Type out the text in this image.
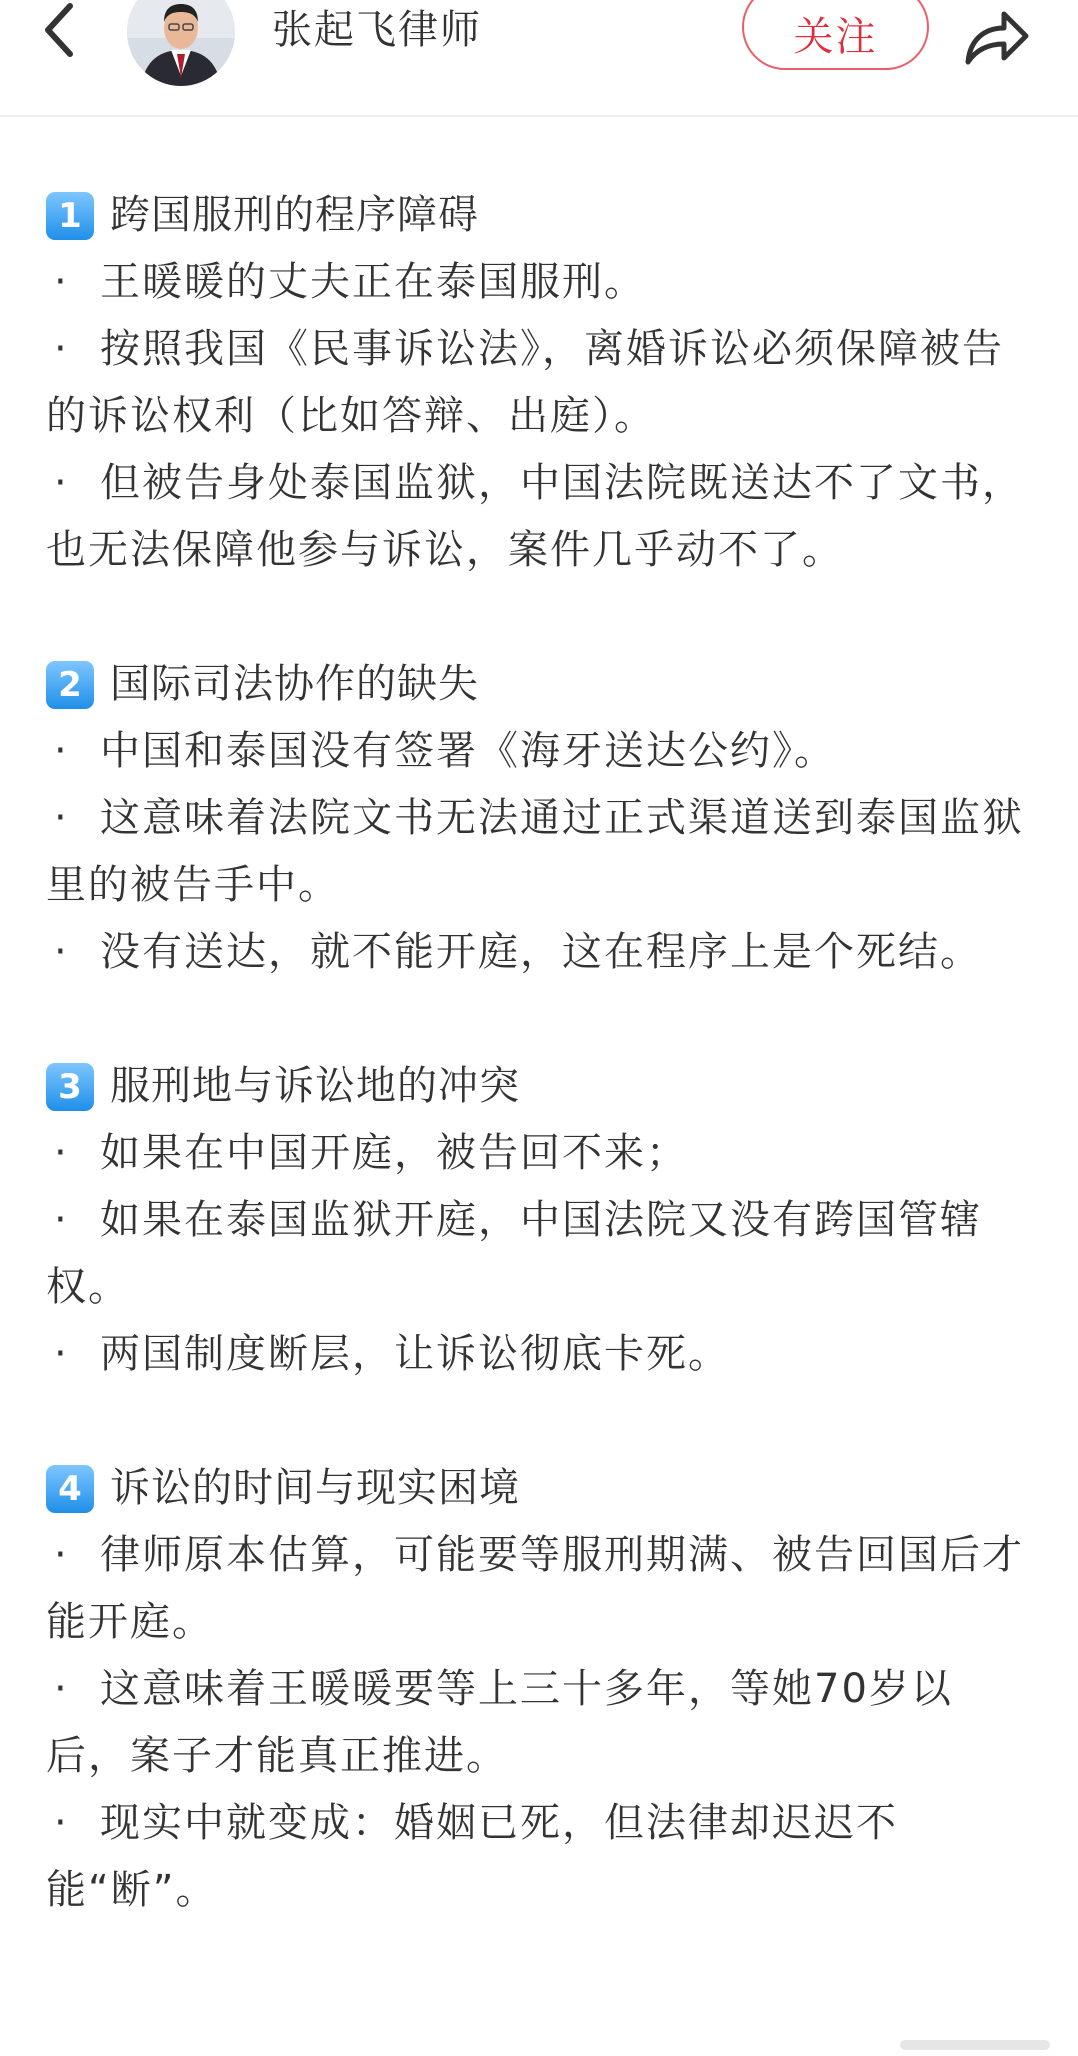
张起飞律师	关注
1 跨国服刑的程序障碍

· 王暖暖的丈夫正在泰国服刑。

· 按照我国《民事诉讼法》，离婚诉讼必须保障被告的诉讼权利（比如答辩、出庭）。

· 但被告身处泰国监狱，中国法院既送达不了文书，也无法保障他参与诉讼，案件几乎动不了。

2 国际司法协作的缺失

· 中国和泰国没有签署《海牙送达公约》。

· 这意味着法院文书无法通过正式渠道送到泰国监狱里的被告手中。

· 没有送达，就不能开庭，这在程序上是个死结。

3 服刑地与诉讼地的冲突

· 如果在中国开庭，被告回不来；

· 如果在泰国监狱开庭，中国法院又没有跨国管辖权。

· 两国制度断层，让诉讼彻底卡死。

4 诉讼的时间与现实困境

· 律师原本估算，可能要等服刑期满、被告回国后才能开庭。

· 这意味着王暖暖要等上三十多年，等她70岁以后，案子才能真正推进。

· 现实中就变成：婚姻已死，但法律却迟迟不能“断”。
